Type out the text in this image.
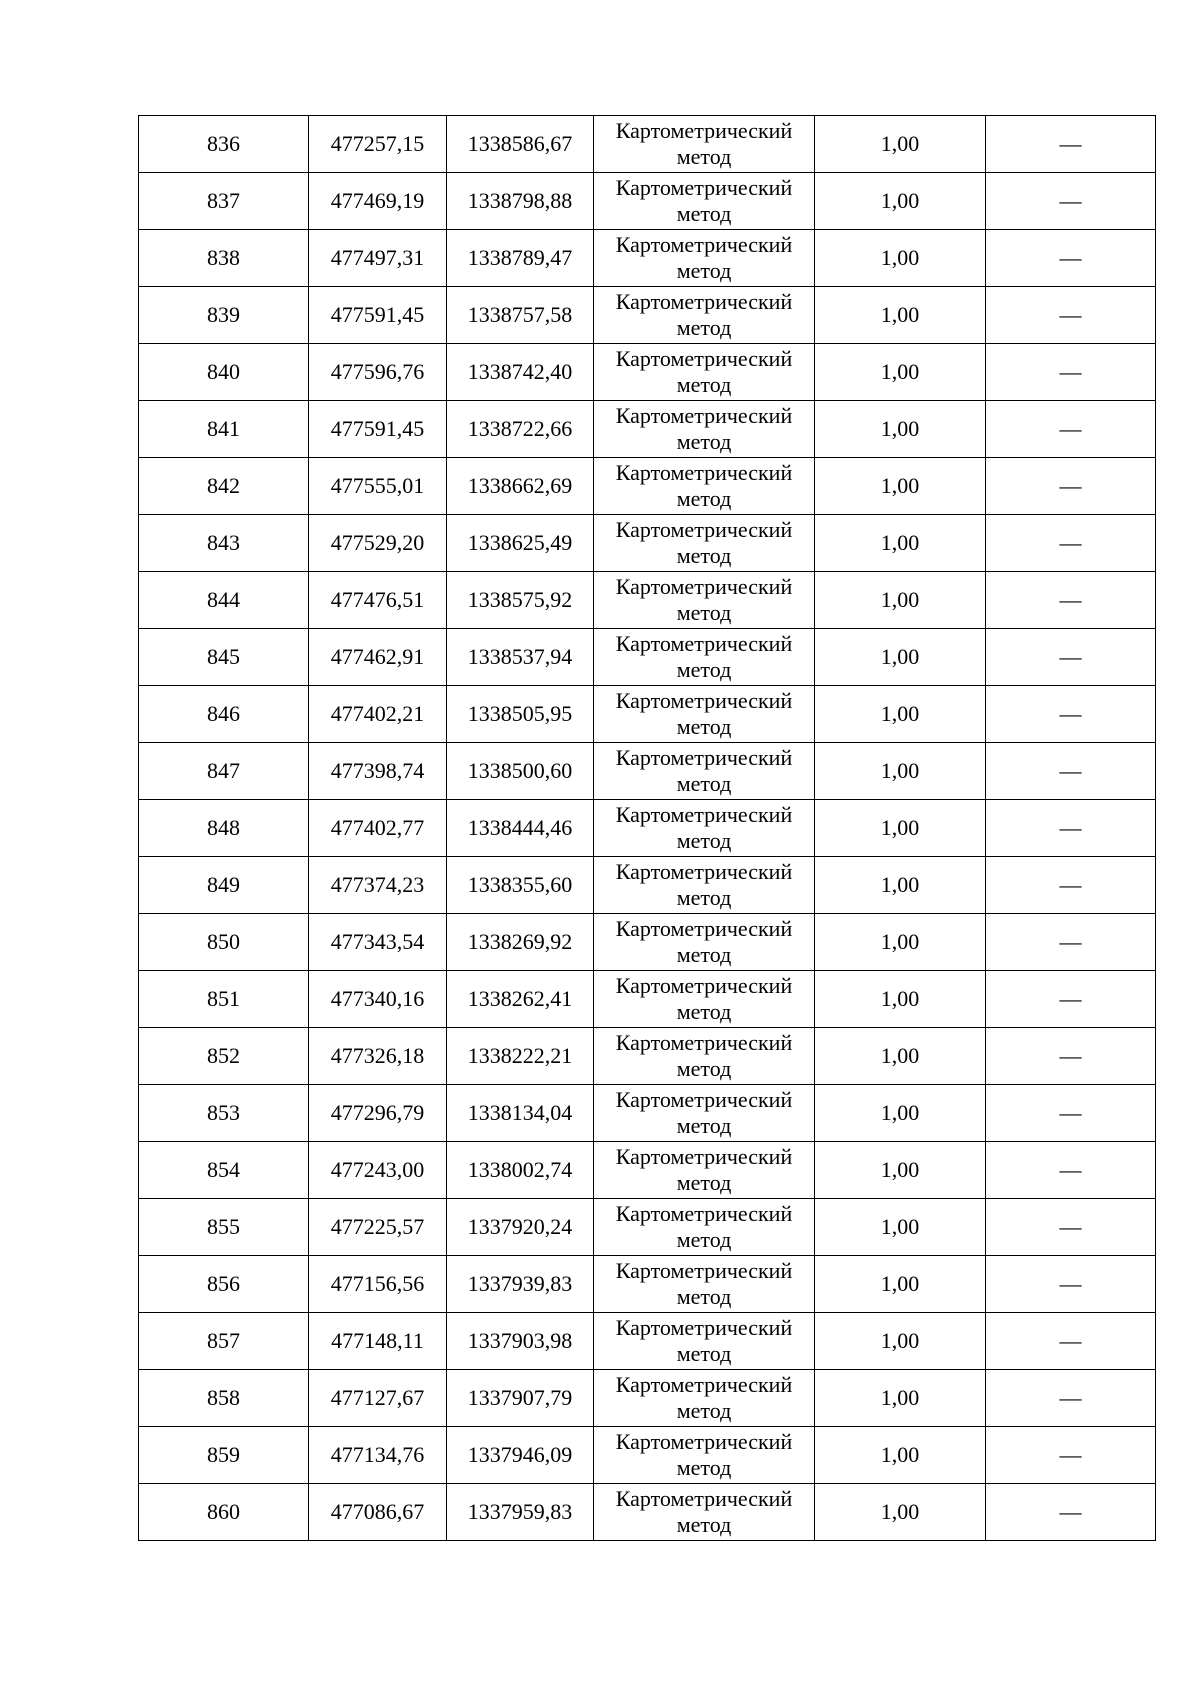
836	477257,15	1338586,67	Картометрический
метод	1,00	—
837	477469,19	1338798,88	Картометрический
метод	1,00	—
838	477497,31	1338789,47	Картометрический
метод	1,00	—
839	477591,45	1338757,58	Картометрический
метод	1,00	—
840	477596,76	1338742,40	Картометрический
метод	1,00	—
841	477591,45	1338722,66	Картометрический
метод	1,00	—
842	477555,01	1338662,69	Картометрический
метод	1,00	—
843	477529,20	1338625,49	Картометрический
метод	1,00	—
844	477476,51	1338575,92	Картометрический
метод	1,00	—
845	477462,91	1338537,94	Картометрический
метод	1,00	—
846	477402,21	1338505,95	Картометрический
метод	1,00	—
847	477398,74	1338500,60	Картометрический
метод	1,00	—
848	477402,77	1338444,46	Картометрический
метод	1,00	—
849	477374,23	1338355,60	Картометрический
метод	1,00	—
850	477343,54	1338269,92	Картометрический
метод	1,00	—
851	477340,16	1338262,41	Картометрический
метод	1,00	—
852	477326,18	1338222,21	Картометрический
метод	1,00	—
853	477296,79	1338134,04	Картометрический
метод	1,00	—
854	477243,00	1338002,74	Картометрический
метод	1,00	—
855	477225,57	1337920,24	Картометрический
метод	1,00	—
856	477156,56	1337939,83	Картометрический
метод	1,00	—
857	477148,11	1337903,98	Картометрический
метод	1,00	—
858	477127,67	1337907,79	Картометрический
метод	1,00	—
859	477134,76	1337946,09	Картометрический
метод	1,00	—
860	477086,67	1337959,83	Картометрический
метод	1,00	—
